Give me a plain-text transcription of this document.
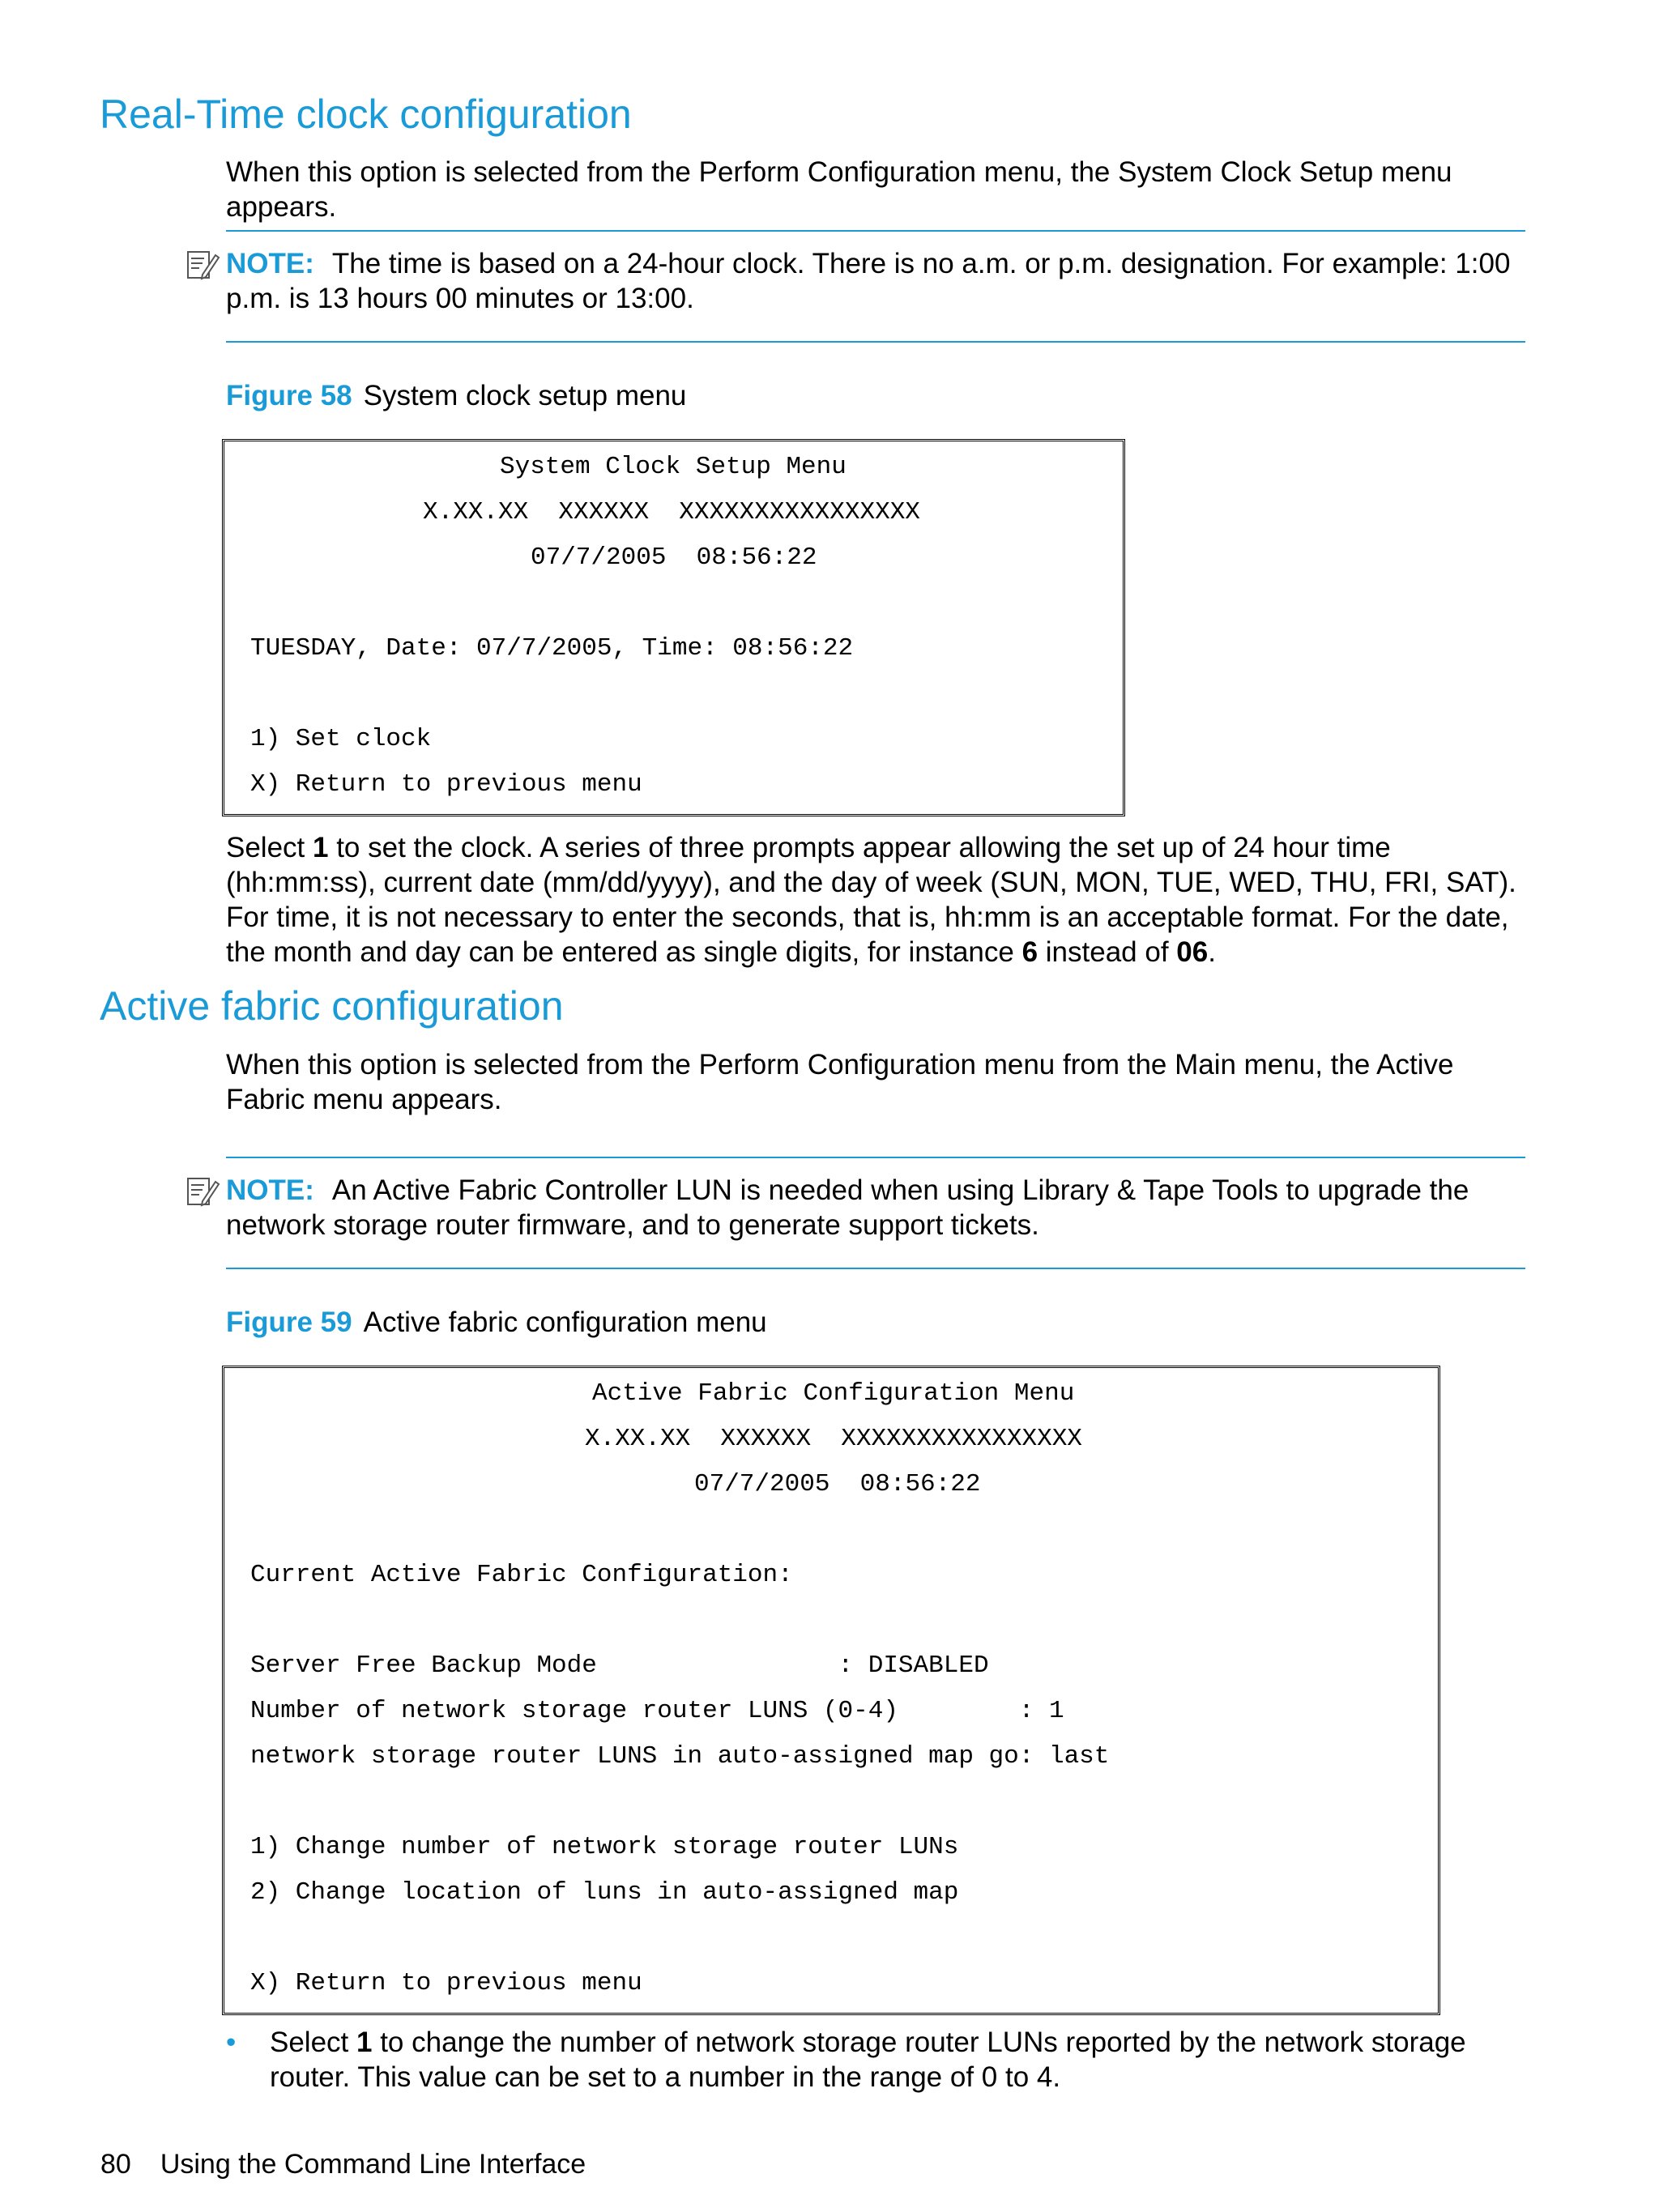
Real-Time clock configuration

When this option is selected from the Perform Configuration menu, the System Clock Setup menu appears.

NOTE: The time is based on a 24-hour clock. There is no a.m. or p.m. designation. For example: 1:00 p.m. is 13 hours 00 minutes or 13:00.

Figure 58 System clock setup menu

System Clock Setup Menu

X.XX.XX  XXXXXX  XXXXXXXXXXXXXXXX

07/7/2005  08:56:22

TUESDAY, Date: 07/7/2005, Time: 08:56:22

1) Set clock

X) Return to previous menu

Select 1 to set the clock. A series of three prompts appear allowing the set up of 24 hour time (hh:mm:ss), current date (mm/dd/yyyy), and the day of week (SUN, MON, TUE, WED, THU, FRI, SAT). For time, it is not necessary to enter the seconds, that is, hh:mm is an acceptable format. For the date, the month and day can be entered as single digits, for instance 6 instead of 06.

Active fabric configuration

When this option is selected from the Perform Configuration menu from the Main menu, the Active Fabric menu appears.

NOTE: An Active Fabric Controller LUN is needed when using Library & Tape Tools to upgrade the network storage router firmware, and to generate support tickets.

Figure 59 Active fabric configuration menu

Active Fabric Configuration Menu

X.XX.XX  XXXXXX  XXXXXXXXXXXXXXXX

07/7/2005  08:56:22

Current Active Fabric Configuration:

Server Free Backup Mode                : DISABLED

Number of network storage router LUNS (0-4)        : 1

network storage router LUNS in auto-assigned map go: last

1) Change number of network storage router LUNs

2) Change location of luns in auto-assigned map

X) Return to previous menu

• Select 1 to change the number of network storage router LUNs reported by the network storage router. This value can be set to a number in the range of 0 to 4.

80 Using the Command Line Interface
